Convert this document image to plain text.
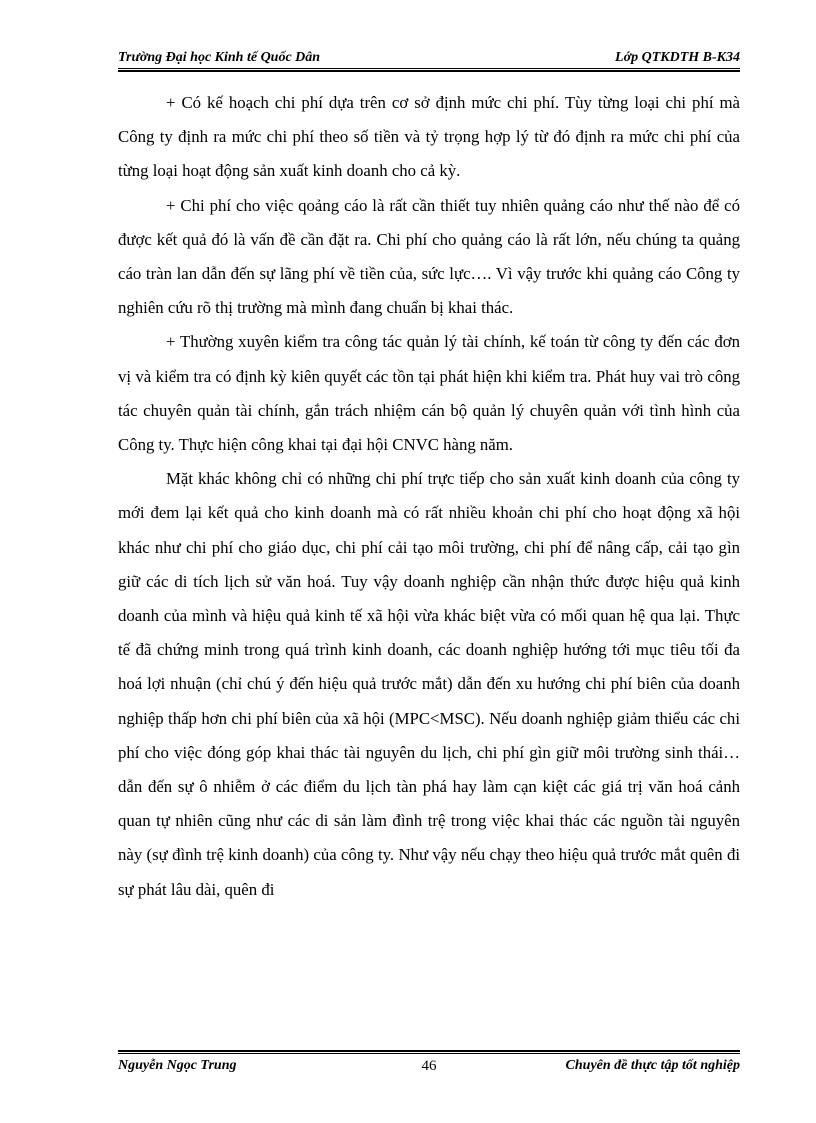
Trường Đại học Kinh tế Quốc Dân	Lớp QTKDTH B-K34

+ Có kế hoạch chi phí dựa trên cơ sở định mức chi phí. Tùy từng loại chi phí mà Công ty định ra mức chi phí theo số tiền và tỷ trọng hợp lý từ đó định ra mức chi phí của từng loại hoạt động sản xuất kinh doanh cho cả kỳ.

+ Chi phí cho việc qoảng cáo là rất cần thiết tuy nhiên quảng cáo như thế nào để có được kết quả đó là vấn đề cần đặt ra. Chi phí cho quảng cáo là rất lớn, nếu chúng ta quảng cáo tràn lan dẫn đến sự lãng phí về tiền của, sức lực…. Vì vậy trước khi quảng cáo Công ty nghiên cứu rõ thị trường mà mình đang chuẩn bị khai thác.

+ Thường xuyên kiểm tra công tác quản lý tài chính, kế toán từ công ty đến các đơn vị và kiểm tra có định kỳ kiên quyết các tồn tại phát hiện khi kiểm tra. Phát huy vai trò công tác chuyên quản tài chính, gắn trách nhiệm cán bộ quản lý chuyên quản với tình hình của Công ty. Thực hiện công khai tại đại hội CNVC hàng năm.

Mặt khác không chỉ có những chi phí trực tiếp cho sản xuất kinh doanh của công ty mới đem lại kết quả cho kinh doanh mà có rất nhiều khoản chi phí cho hoạt động xã hội khác như chi phí cho giáo dục, chi phí cải tạo môi trường, chi phí để nâng cấp, cải tạo gìn giữ các di tích lịch sử văn hoá. Tuy vậy doanh nghiệp cần nhận thức được hiệu quả kinh doanh của mình và hiệu quả kinh tế xã hội vừa khác biệt vừa có mối quan hệ qua lại. Thực tế đã chứng minh trong quá trình kinh doanh, các doanh nghiệp hướng tới mục tiêu tối đa hoá lợi nhuận (chỉ chú ý đến hiệu quả trước mắt) dẫn đến xu hướng chi phí biên của doanh nghiệp thấp hơn chi phí biên của xã hội (MPC<MSC). Nếu doanh nghiệp giảm thiểu các chi phí cho việc đóng góp khai thác tài nguyên du lịch, chi phí gìn giữ môi trường sinh thái… dẫn đến sự ô nhiễm ở các điểm du lịch tàn phá hay làm cạn kiệt các giá trị văn hoá cảnh quan tự nhiên cũng như các di sản làm đình trệ trong việc khai thác các nguồn tài nguyên này (sự đình trệ kinh doanh) của công ty. Như vậy nếu chạy theo hiệu quả trước mắt quên đi sự phát lâu dài, quên đi

Nguyễn Ngọc Trung	46	Chuyên đề thực tập tốt nghiệp
